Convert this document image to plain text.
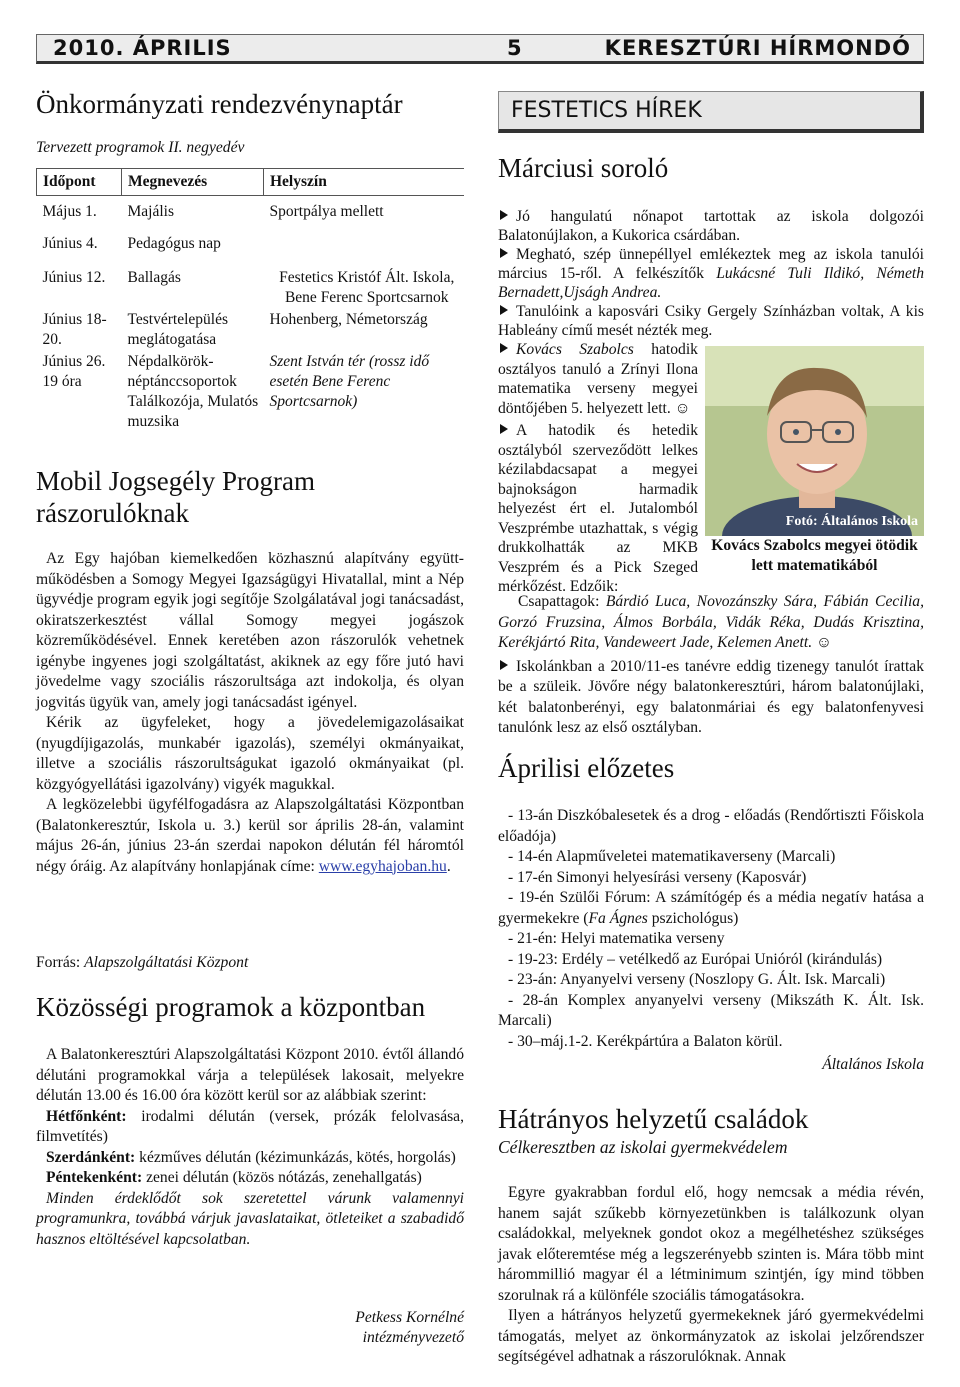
2010. ÁPRILIS	5	KERESZTÚRI HÍRMONDÓ
Önkormányzati rendezvénynaptár
Tervezett programok II. negyedév
Időpont	Megnevezés	Helyszín
Május 1.	Majális	Sportpálya mellett
Június 4.	Pedagógus nap	
Június 12.	Ballagás	Festetics Kristóf Ált. Iskola, Bene Ferenc Sportcsarnok
Június 18-20.	Testvértelepülés meglátogatása	Hohenberg, Németország
Június 26. 19 óra	Népdalkörök-néptánccsoportok Találkozója, Mulatós muzsika	Szent István tér (rossz idő esetén Bene Ferenc Sportcsarnok)
Mobil Jogsegély Program rászorulóknak

Az Egy hajóban kiemelkedően közhasznú alapítvány együtt-működésben a Somogy Megyei Igazságügyi Hivatallal, mint a Nép ügyvédje program egyik jogi segítője Szolgálatával jogi tanácsadást, okiratszerkesztést vállal Somogy megyei jogászok közreműködésével. Ennek keretében azon rászorulók vehetnek igénybe ingyenes jogi szolgáltatást, akiknek az egy főre jutó havi jövedelme vagy szociális rászorultsága azt indokolja, és olyan jogvitás ügyük van, amely jogi tanácsadást igényel.

Kérik az ügyfeleket, hogy a jövedelemigazolásaikat (nyugdíjigazolás, munkabér igazolás), személyi okmányaikat, illetve a szociális rászorultságukat igazoló okmányaikat (pl. közgyógyellátási igazolvány) vigyék magukkal.

A legközelebbi ügyfélfogadásra az Alapszolgáltatási Központban (Balatonkeresztúr, Iskola u. 3.) kerül sor április 28-án, valamint május 26-án, június 23-án szerdai napokon délután fél háromtól négy óráig. Az alapítvány honlapjának címe: www.egyhajoban.hu.

Forrás: Alapszolgáltatási Központ
Közösségi programok a központban

A Balatonkeresztúri Alapszolgáltatási Központ 2010. évtől állandó délutáni programokkal várja a települések lakosait, melyekre délután 13.00 és 16.00 óra között kerül sor az alábbiak szerint:

Hétfőnként: irodalmi délután (versek, prózák felolvasása, filmvetítés)

Szerdánként: kézműves délután (kézimunkázás, kötés, horgolás)

Péntekenként: zenei délután (közös nótázás, zenehallgatás)

Minden érdeklődőt sok szeretettel várunk valamennyi programunkra, továbbá várjuk javaslataikat, ötleteiket a szabadidő hasznos eltöltésével kapcsolatban.

Petkess Kornélné
intézményvezető
FESTETICS HÍREK
Márciusi soroló

Jó hangulatú nőnapot tartottak az iskola dolgozói Balatonújlakon, a Kukorica csárdában.

Megható, szép ünnepéllyel emlékeztek meg az iskola tanulói március 15-ről. A felkészítők Lukácsné Tuli Ildikó, Németh Bernadett,Ujságh Andrea.

Tanulóink a kaposvári Csiky Gergely Színházban voltak, A kis Hableány című mesét nézték meg.

Kovács Szabolcs hatodik osztályos tanuló a Zrínyi Ilona matematika verseny megyei döntőjében 5. helyezett lett. ☺

A hatodik és hetedik osztályból szerveződött lelkes kézilabdacsapat a megyei bajnokságon harmadik helyezést ért el. Jutalomból Veszprémbe utazhattak, s végig drukkolhatták az MKB Veszprém és a Pick Szeged mérkőzést. Edzőik:

Fotó: Általános Iskola
Kovács Szabolcs megyei ötödik lett matematikából

Csapattagok: Bárdió Luca, Novozánszky Sára, Fábián Cecilia, Gorzó Fruzsina, Álmos Borbála, Vidák Réka, Dudás Krisztina, Kerékjártó Rita, Vandeweert Jade, Kelemen Anett. ☺

Iskolánkban a 2010/11-es tanévre eddig tizenegy tanulót írattak be a szüleik. Jövőre négy balatonkeresztúri, három balatonújlaki, két balatonberényi, egy balatonmáriai és egy balatonfenyvesi tanulónk lesz az első osztályban.

Áprilisi előzetes

- 13-án Diszkóbalesetek és a drog - előadás (Rendőrtiszti Főiskola előadója)

- 14-én Alapműveletei matematikaverseny (Marcali)

- 17-én Simonyi helyesírási verseny (Kaposvár)

- 19-én Szülői Fórum: A számítógép és a média negatív hatása a gyermekekre (Fa Ágnes pszichológus)

- 21-én: Helyi matematika verseny

- 19-23: Erdély – vetélkedő az Európai Unióról (kirándulás)

- 23-án: Anyanyelvi verseny (Noszlopy G. Ált. Isk. Marcali)

- 28-án Komplex anyanyelvi verseny (Mikszáth K. Ált. Isk. Marcali)

- 30–máj.1-2. Kerékpártúra a Balaton körül.

Általános Iskola
Hátrányos helyzetű családok
Célkeresztben az iskolai gyermekvédelem

Egyre gyakrabban fordul elő, hogy nemcsak a média révén, hanem saját szűkebb környezetünkben is találkozunk olyan családokkal, melyeknek gondot okoz a megélhetéshez szükséges javak előteremtése még a legszerényebb szinten is. Mára több mint hárommillió magyar él a létminimum szintjén, így mind többen szorulnak rá a különféle szociális támogatásokra.

Ilyen a hátrányos helyzetű gyermekeknek járó gyermekvédelmi támogatás, melyet az önkormányzatok az iskolai jelzőrendszer segítségével adhatnak a rászorulóknak. Annak
